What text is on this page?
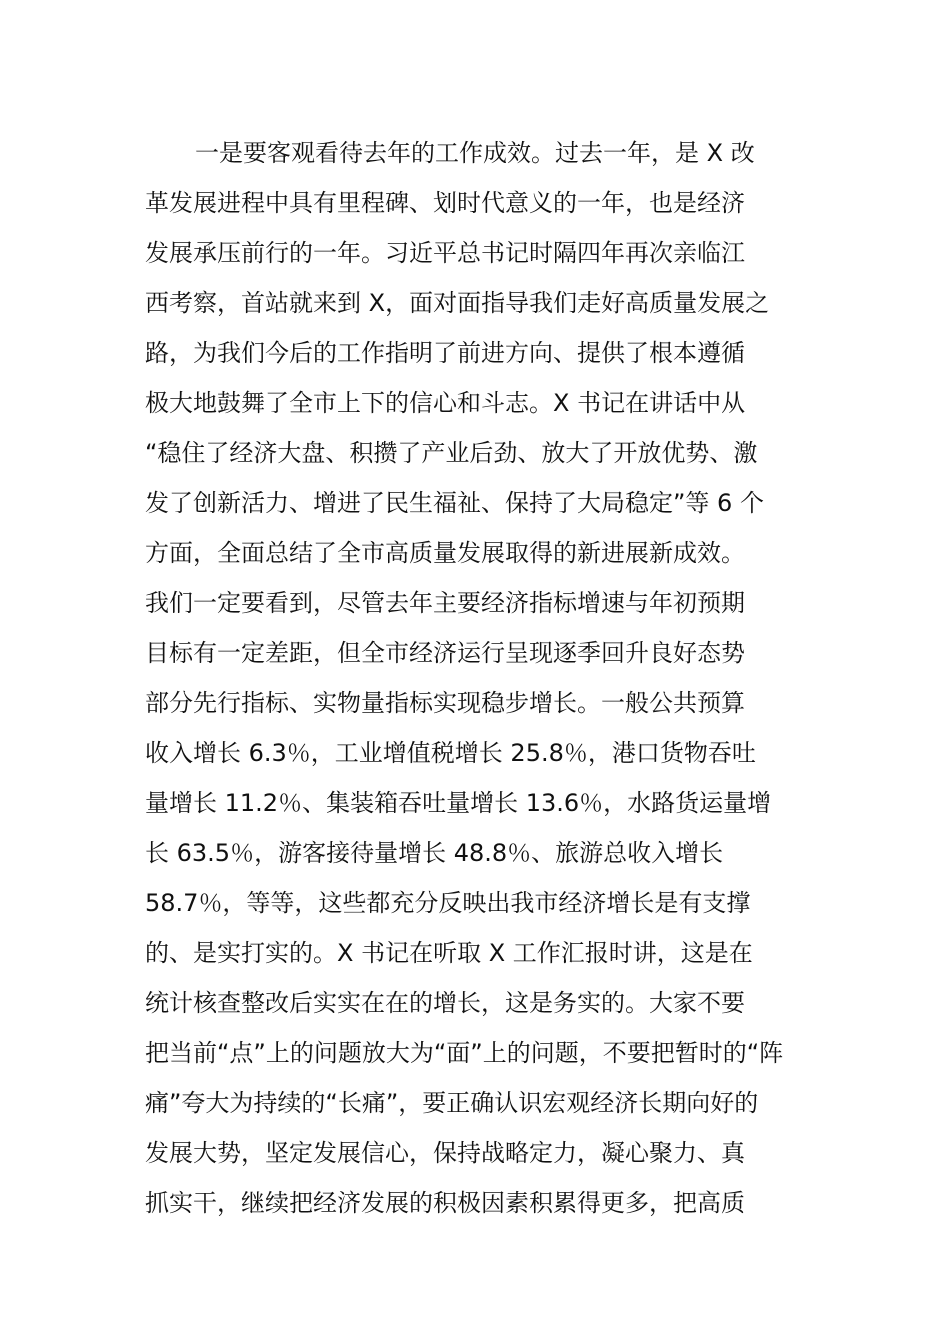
一是要客观看待去年的工作成效。过去一年，是 X 改
革发展进程中具有里程碑、划时代意义的一年，也是经济
发展承压前行的一年。习近平总书记时隔四年再次亲临江
西考察，首站就来到 X，面对面指导我们走好高质量发展之
路，为我们今后的工作指明了前进方向、提供了根本遵循
极大地鼓舞了全市上下的信心和斗志。X 书记在讲话中从
“稳住了经济大盘、积攒了产业后劲、放大了开放优势、激
发了创新活力、增进了民生福祉、保持了大局稳定”等 6 个
方面，全面总结了全市高质量发展取得的新进展新成效。
我们一定要看到，尽管去年主要经济指标增速与年初预期
目标有一定差距，但全市经济运行呈现逐季回升良好态势
部分先行指标、实物量指标实现稳步增长。一般公共预算
收入增长 6.3％，工业增值税增长 25.8％，港口货物吞吐
量增长 11.2％、集装箱吞吐量增长 13.6％，水路货运量增
长 63.5％，游客接待量增长 48.8％、旅游总收入增长
58.7％，等等，这些都充分反映出我市经济增长是有支撑
的、是实打实的。X 书记在听取 X 工作汇报时讲，这是在
统计核查整改后实实在在的增长，这是务实的。大家不要
把当前“点”上的问题放大为“面”上的问题，不要把暂时的“阵
痛”夸大为持续的“长痛”，要正确认识宏观经济长期向好的
发展大势，坚定发展信心，保持战略定力，凝心聚力、真
抓实干，继续把经济发展的积极因素积累得更多，把高质
